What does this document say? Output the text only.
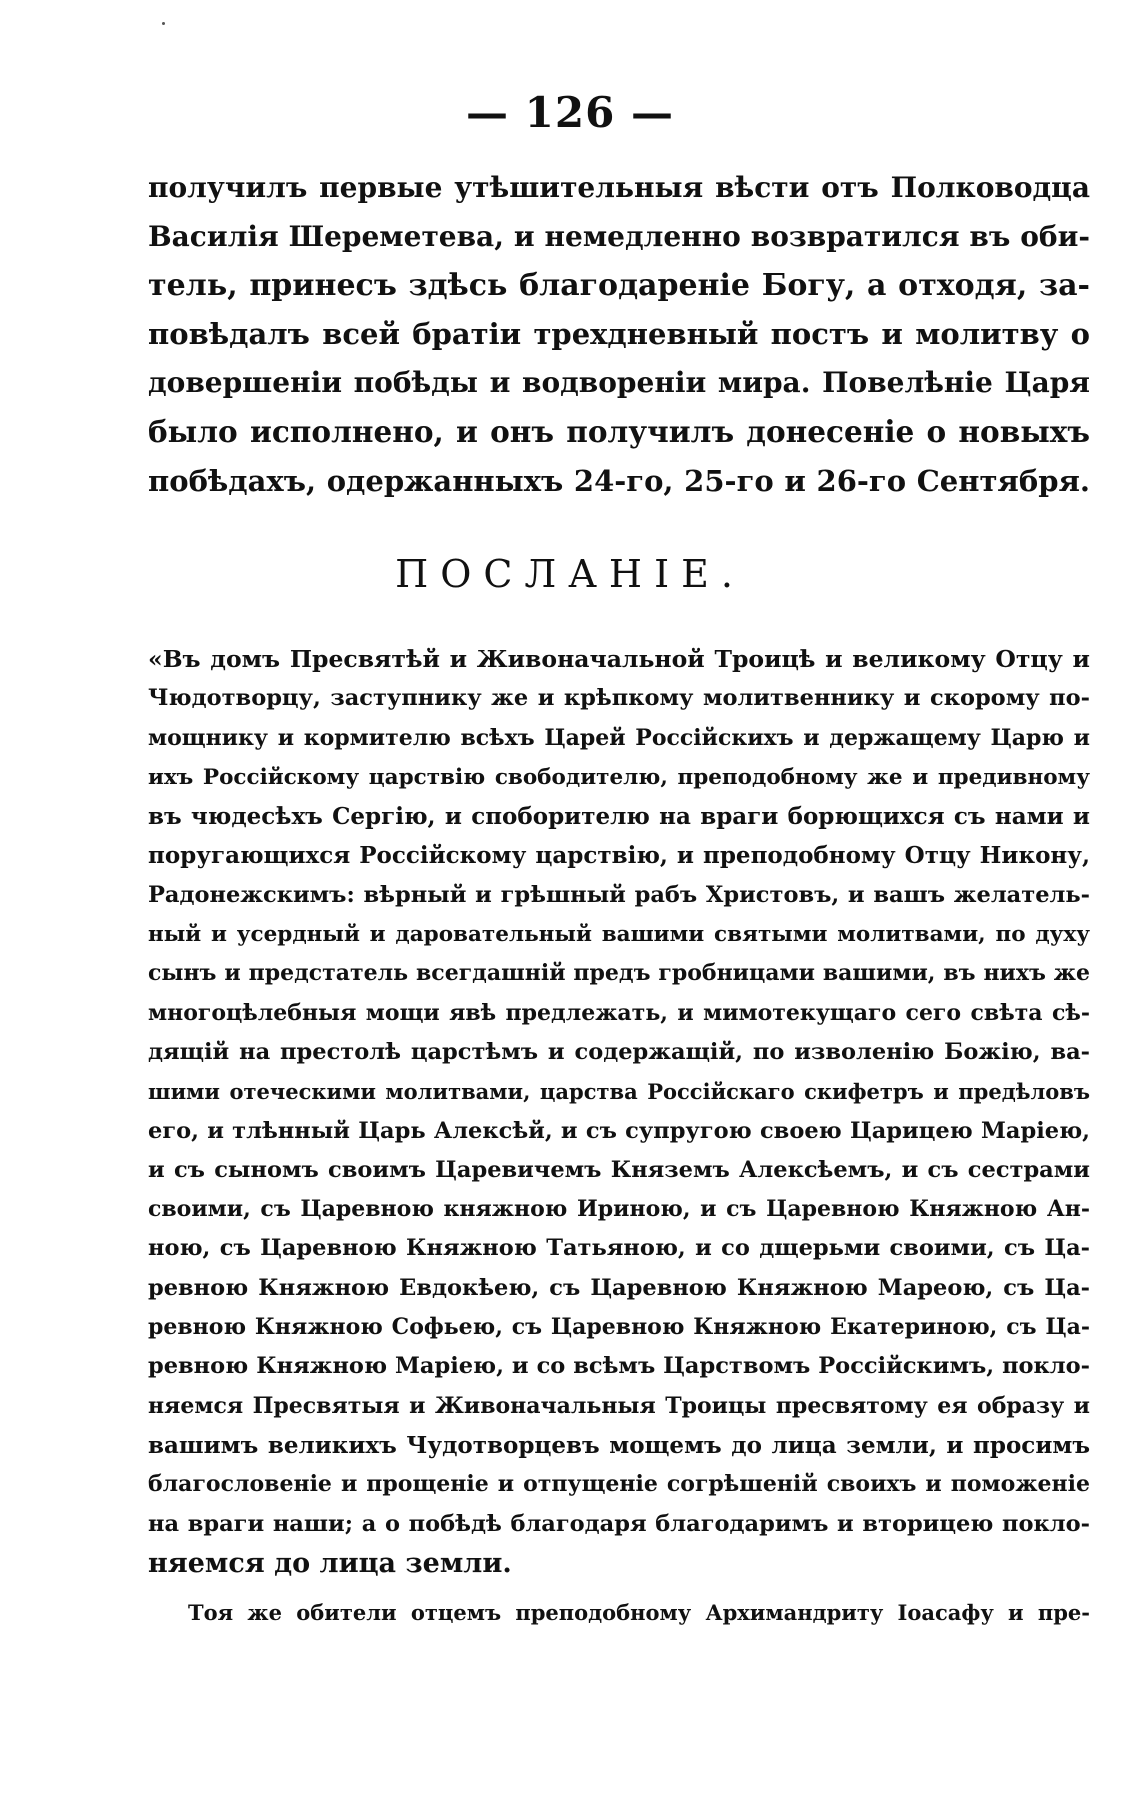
— 126 —
получилъ первые утѣшительныя вѣсти отъ Полководца
Василія Шереметева, и немедленно возвратился въ оби-
тель, принесъ здѣсь благодареніе Богу, а отходя, за-
повѣдалъ всей братіи трехдневный постъ и молитву о
довершеніи побѣды и водвореніи мира. Повелѣніе Царя
было исполнено, и онъ получилъ донесеніе о новыхъ
побѣдахъ, одержанныхъ 24-го, 25-го и 26-го Сентября.
ПОСЛАНІЕ.
«Въ домъ Пресвятѣй и Живоначальной Троицѣ и великому Отцу и
Чюдотворцу, заступнику же и крѣпкому молитвеннику и скорому по-
мощнику и кормителю всѣхъ Царей Россійскихъ и держащему Царю и
ихъ Россійскому царствію свободителю, преподобному же и предивному
въ чюдесѣхъ Сергію, и споборителю на враги борющихся съ нами и
поругающихся Россійскому царствію, и преподобному Отцу Никону,
Радонежскимъ: вѣрный и грѣшный рабъ Христовъ, и вашъ желатель-
ный и усердный и даровательный вашими святыми молитвами, по духу
сынъ и предстатель всегдашній предъ гробницами вашими, въ нихъ же
многоцѣлебныя мощи явѣ предлежать, и мимотекущаго сего свѣта сѣ-
дящій на престолѣ царстѣмъ и содержащій, по изволенію Божію, ва-
шими отеческими молитвами, царства Россійскаго скифетръ и предѣловъ
его, и тлѣнный Царь Алексѣй, и съ супругою своею Царицею Маріею,
и съ сыномъ своимъ Царевичемъ Княземъ Алексѣемъ, и съ сестрами
своими, съ Царевною княжною Ириною, и съ Царевною Княжною Ан-
ною, съ Царевною Княжною Татьяною, и со дщерьми своими, съ Ца-
ревною Княжною Евдокѣею, съ Царевною Княжною Мареою, съ Ца-
ревною Княжною Софьею, съ Царевною Княжною Екатериною, съ Ца-
ревною Княжною Маріею, и со всѣмъ Царствомъ Россійскимъ, покло-
няемся Пресвятыя и Живоначальныя Троицы пресвятому ея образу и
вашимъ великихъ Чудотворцевъ мощемъ до лица земли, и просимъ
благословеніе и прощеніе и отпущеніе согрѣшеній своихъ и поможеніе
на враги наши; а о побѣдѣ благодаря благодаримъ и вторицею покло-
няемся до лица земли.
Тоя же обители отцемъ преподобному Архимандриту Іоасафу и пре-
